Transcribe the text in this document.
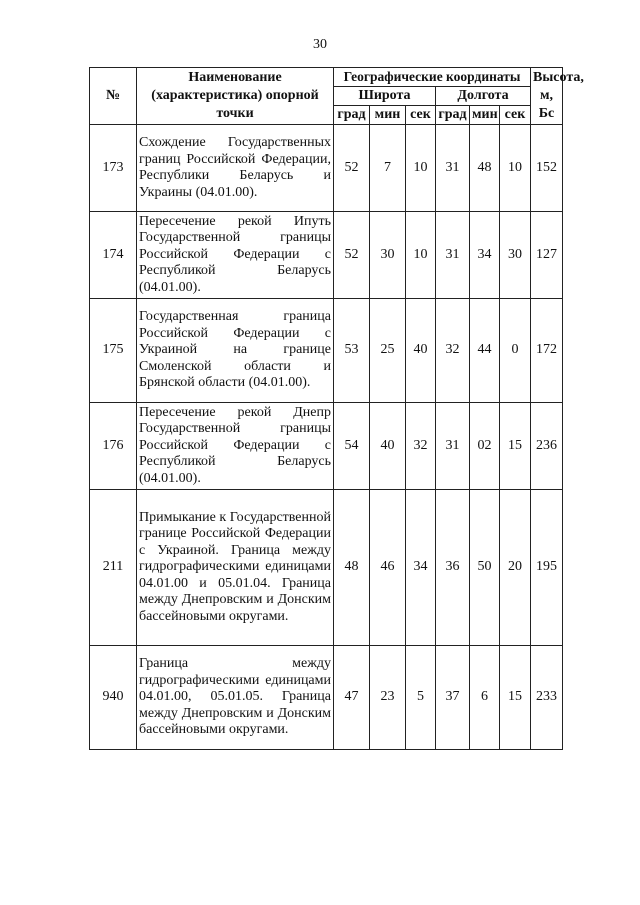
30
№	Наименование (характеристика) опорной точки	Географические координаты						Высота, м, Бс
		Широта			Долгота			
		град	мин	сек	град	мин	сек	
173	Схождение Государственных границ Российской Федерации, Республики Беларусь и Украины (04.01.00).	52	7	10	31	48	10	152
174	Пересечение рекой Ипуть Государственной границы Российской Федерации с Республикой Беларусь (04.01.00).	52	30	10	31	34	30	127
175	Государственная граница Российской Федерации с Украиной на границе Смоленской области и Брянской области (04.01.00).	53	25	40	32	44	0	172
176	Пересечение рекой Днепр Государственной границы Российской Федерации с Республикой Беларусь (04.01.00).	54	40	32	31	02	15	236
211	Примыкание к Государственной границе Российской Федерации с Украиной. Граница между гидрографическими единицами 04.01.00 и 05.01.04. Граница между Днепровским и Донским бассейновыми округами.	48	46	34	36	50	20	195
940	Граница между гидрографическими единицами 04.01.00, 05.01.05. Граница между Днепровским и Донским бассейновыми округами.	47	23	5	37	6	15	233
